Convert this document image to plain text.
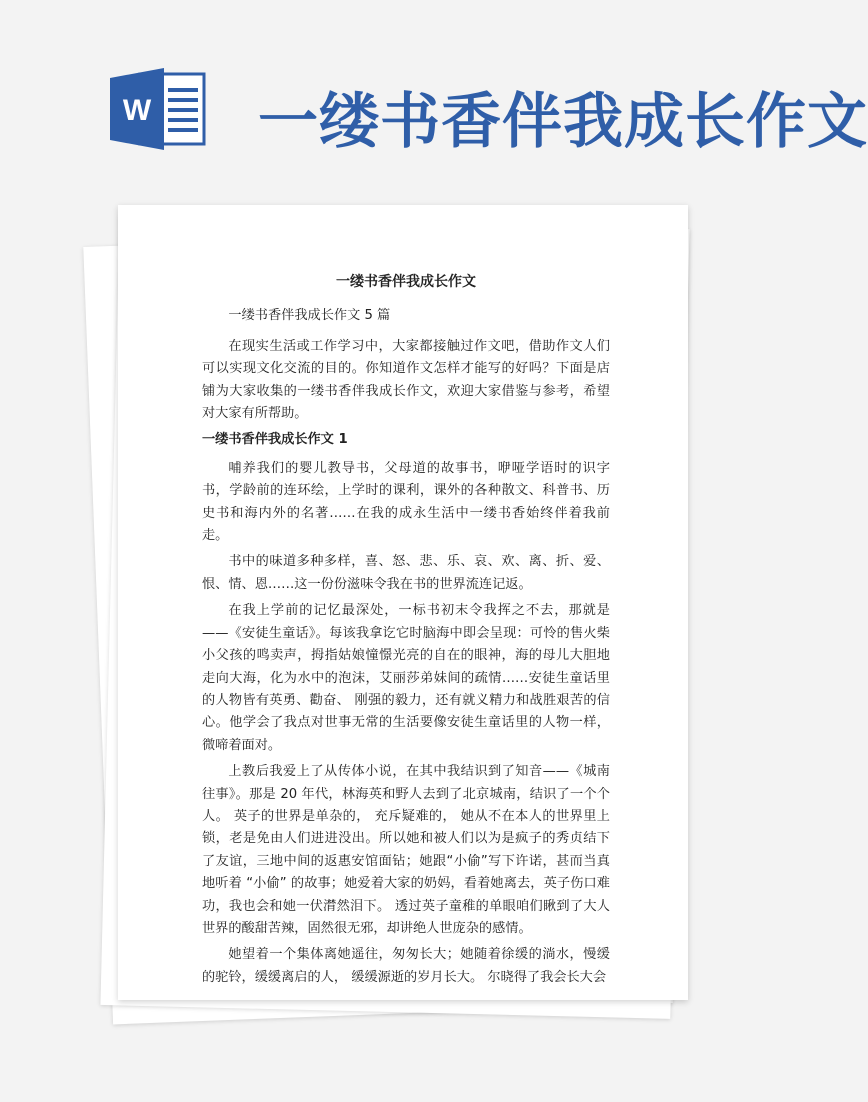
W 一缕书香伴我成长作文
一缕书香伴我成长作文

一缕书香伴我成长作文 5 篇

在现实生活或工作学习中，大家都接触过作文吧，借助作文人们可以实现文化交流的目的。你知道作文怎样才能写的好吗？下面是店铺为大家收集的一缕书香伴我成长作文，欢迎大家借鉴与参考，希望对大家有所帮助。

一缕书香伴我成长作文 1

哺养我们的婴儿教导书，父母道的故事书，咿哑学语时的识字书，学龄前的连环绘，上学时的课利，课外的各种散文、科普书、历史书和海内外的名著……在我的成永生活中一缕书香始终伴着我前走。

书中的味道多种多样，喜、怒、悲、乐、哀、欢、离、折、爱、恨、情、恩……这一份份滋味令我在书的世界流连记返。

在我上学前的记忆最深处，一标书初末令我挥之不去，那就是——《安徒生童话》。每该我拿讫它时脑海中即会呈现：可怜的售火柴小父孩的鸣卖声，拇指姑娘憧憬光亮的自在的眼神，海的母儿大胆地走向大海，化为水中的泡沫，艾丽莎弟妹间的疏情……安徒生童话里的人物皆有英勇、勸奋、 刚强的毅力，还有就义精力和战胜艰苦的信心。他学会了我点对世事无常的生活要像安徒生童话里的人物一样， 微啼着面对。

上教后我爱上了从传体小说，在其中我结识到了知音——《城南往事》。那是 20 年代，林海英和野人去到了北京城南，结识了一个个人。 英子的世界是单杂的， 充斥疑难的， 她从不在本人的世界里上锁，老是免由人们进进没出。所以她和被人们以为是疯子的秀贞结下了友谊，三地中间的返惠安馆面钻；她跟“小偷”写下许诺，甚而当真地听着 “小偷” 的故事；她爱着大家的奶妈，看着她离去，英子伤口难功，我也会和她一伏潸然泪下。 透过英子童稚的单眼咱们瞅到了大人世界的酸甜苦辣，固然很无邪，却讲绝人世庞杂的感情。

她望着一个集体离她遥往，匆匆长大；她随着徐缓的淌水，慢缓的驼铃，缓缓离启的人， 缓缓源逝的岁月长大。 尔晓得了我会长大会
